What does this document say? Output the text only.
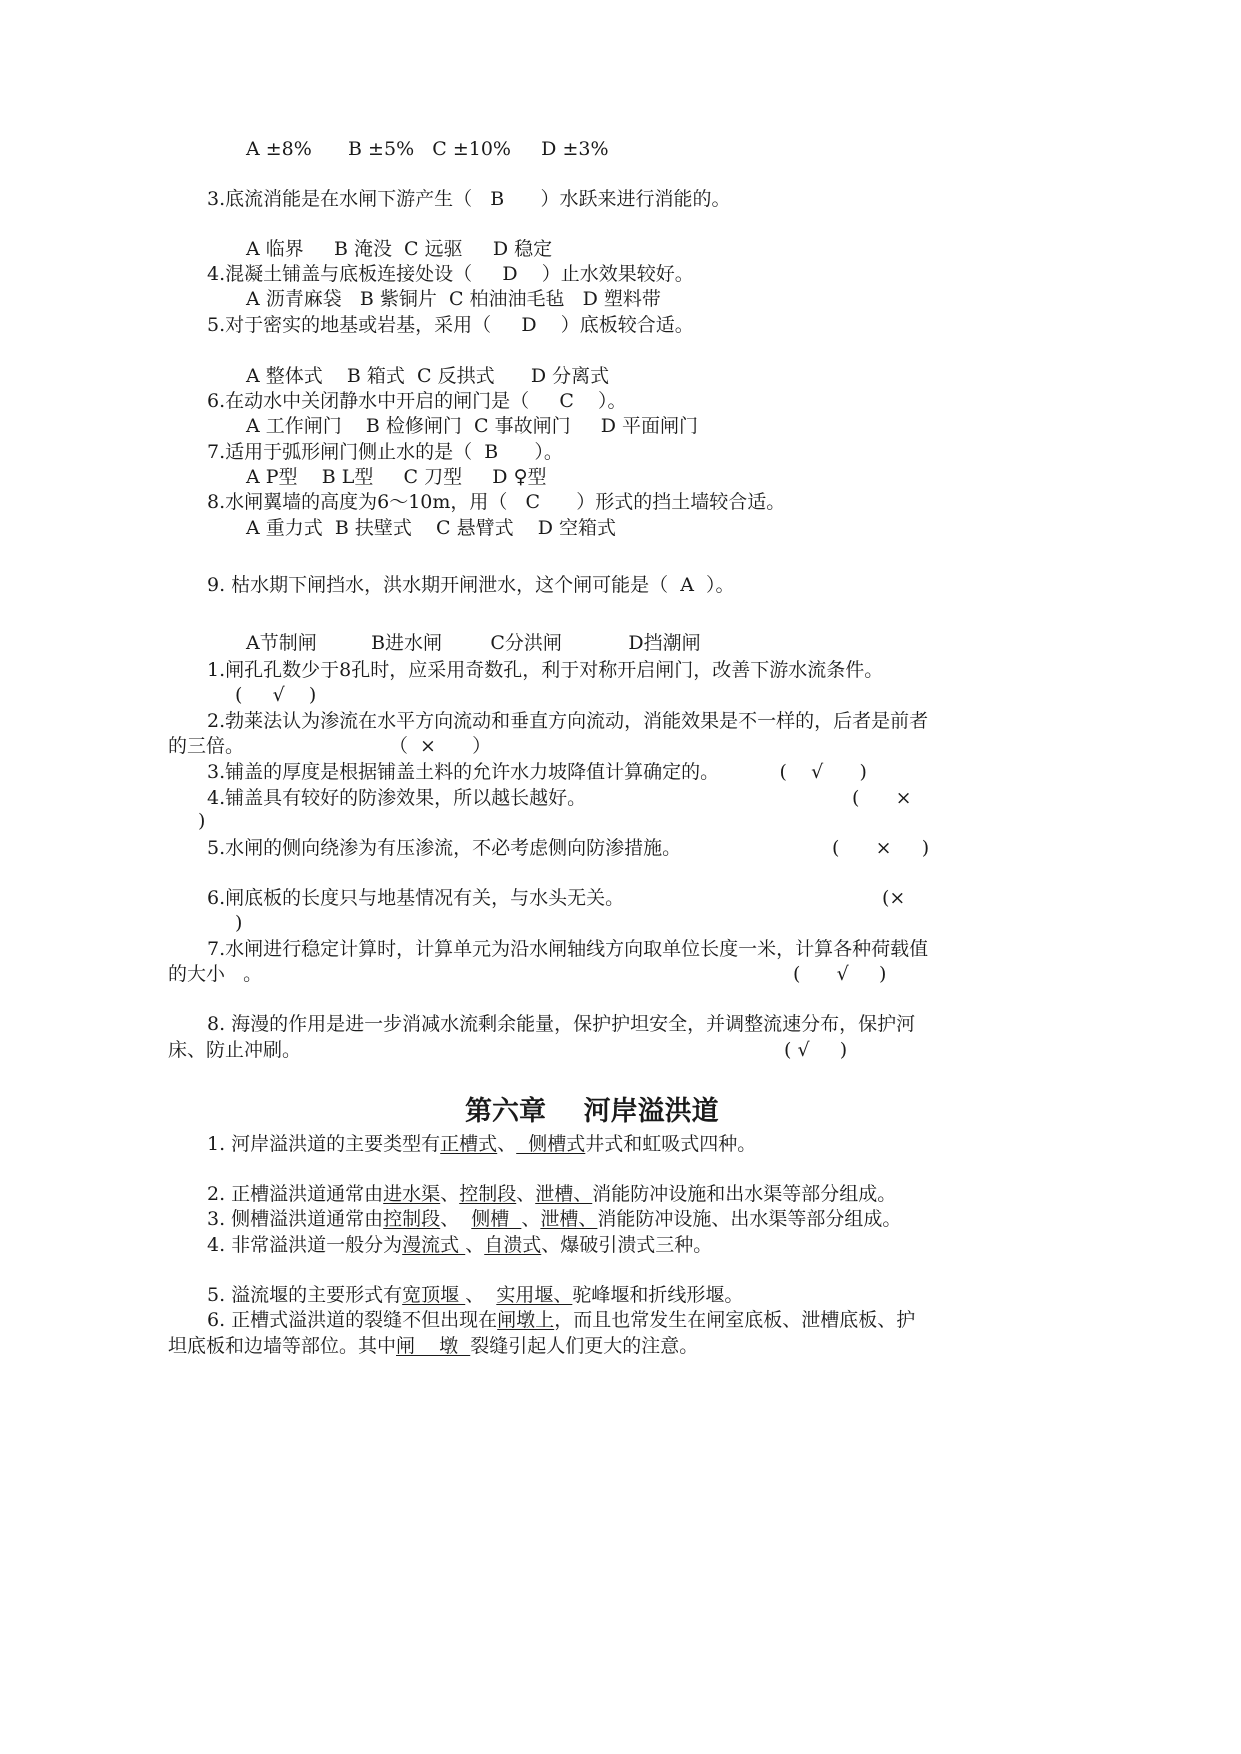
A ±8%      B ±5%   C ±10%     D ±3%
3.底流消能是在水闸下游产生（   B      ）水跃来进行消能的。
A 临界     B 淹没  C 远驱     D 稳定
4.混凝土铺盖与底板连接处设（     D    ）止水效果较好。
A 沥青麻袋   B 紫铜片  C 柏油油毛毡   D 塑料带
5.对于密实的地基或岩基，采用（     D    ）底板较合适。
A 整体式    B 箱式  C 反拱式      D 分离式
6.在动水中关闭静水中开启的闸门是（     C    ）。
A 工作闸门    B 检修闸门  C 事故闸门     D 平面闸门
7.适用于弧形闸门侧止水的是（  B      ）。
A P型    B L型     C 刀型     D ♀型
8.水闸翼墙的高度为6～10m，用（   C      ）形式的挡土墙较合适。
A 重力式  B 扶壁式    C 悬臂式    D 空箱式
9. 枯水期下闸挡水，洪水期开闸泄水，这个闸可能是（  A  ）。
A节制闸         B进水闸        C分洪闸           D挡潮闸
1.闸孔孔数少于8孔时，应采用奇数孔，利于对称开启闸门，改善下游水流条件。
(     √    )
2.勃莱法认为渗流在水平方向流动和垂直方向流动，消能效果是不一样的，后者是前者
的三倍。                        （  ×      ）
3.铺盖的厚度是根据铺盖土料的允许水力坡降值计算确定的。          (    √      )
4.铺盖具有较好的防渗效果，所以越长越好。	(      ×
)
5.水闸的侧向绕渗为有压渗流，不必考虑侧向防渗措施。	(      ×     )
6.闸底板的长度只与地基情况有关，与水头无关。	(×
)
7.水闸进行稳定计算时，计算单元为沿水闸轴线方向取单位长度一米，计算各种荷载值
的大小   。	(      √     )
8. 海漫的作用是进一步消减水流剩余能量，保护护坦安全，并调整流速分布，保护河
床、防止冲刷。	( √     )
第六章    河岸溢洪道
1. 河岸溢洪道的主要类型有正槽式、  侧槽式井式和虹吸式四种。
2. 正槽溢洪道通常由进水渠、控制段、泄槽、消能防冲设施和出水渠等部分组成。
3. 侧槽溢洪道通常由控制段、  侧槽  、泄槽、消能防冲设施、出水渠等部分组成。
4. 非常溢洪道一般分为漫流式 、自溃式、爆破引溃式三种。
5. 溢流堰的主要形式有宽顶堰 、  实用堰、驼峰堰和折线形堰。
6. 正槽式溢洪道的裂缝不但出现在闸墩上，而且也常发生在闸室底板、泄槽底板、护
坦底板和边墙等部位。其中闸    墩  裂缝引起人们更大的注意。
